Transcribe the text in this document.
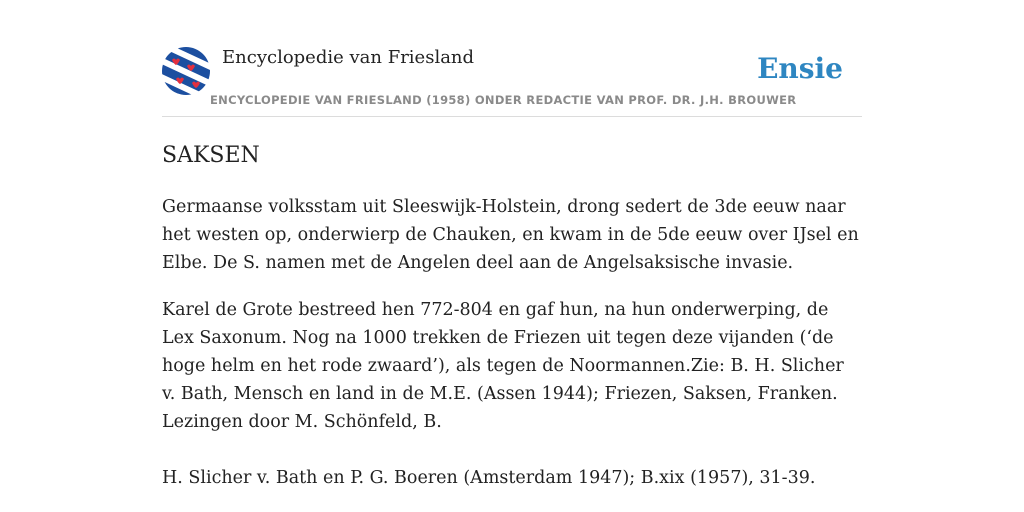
Encyclopedie van Friesland
ENCYCLOPEDIE VAN FRIESLAND (1958) ONDER REDACTIE VAN PROF. DR. J.H. BROUWER
Ensie
SAKSEN

Germaanse volksstam uit Sleeswijk-Holstein, drong sedert de 3de eeuw naar het westen op, onderwierp de Chauken, en kwam in de 5de eeuw over IJsel en Elbe. De S. namen met de Angelen deel aan de Angelsaksische invasie.

Karel de Grote bestreed hen 772-804 en gaf hun, na hun onderwerping, de Lex Saxonum. Nog na 1000 trekken de Friezen uit tegen deze vijanden (‘de hoge helm en het rode zwaard’), als tegen de Noormannen.Zie: B. H. Slicher v. Bath, Mensch en land in de M.E. (Assen 1944); Friezen, Saksen, Franken. Lezingen door M. Schönfeld, B.

H. Slicher v. Bath en P. G. Boeren (Amsterdam 1947); B.xix (1957), 31-39.
